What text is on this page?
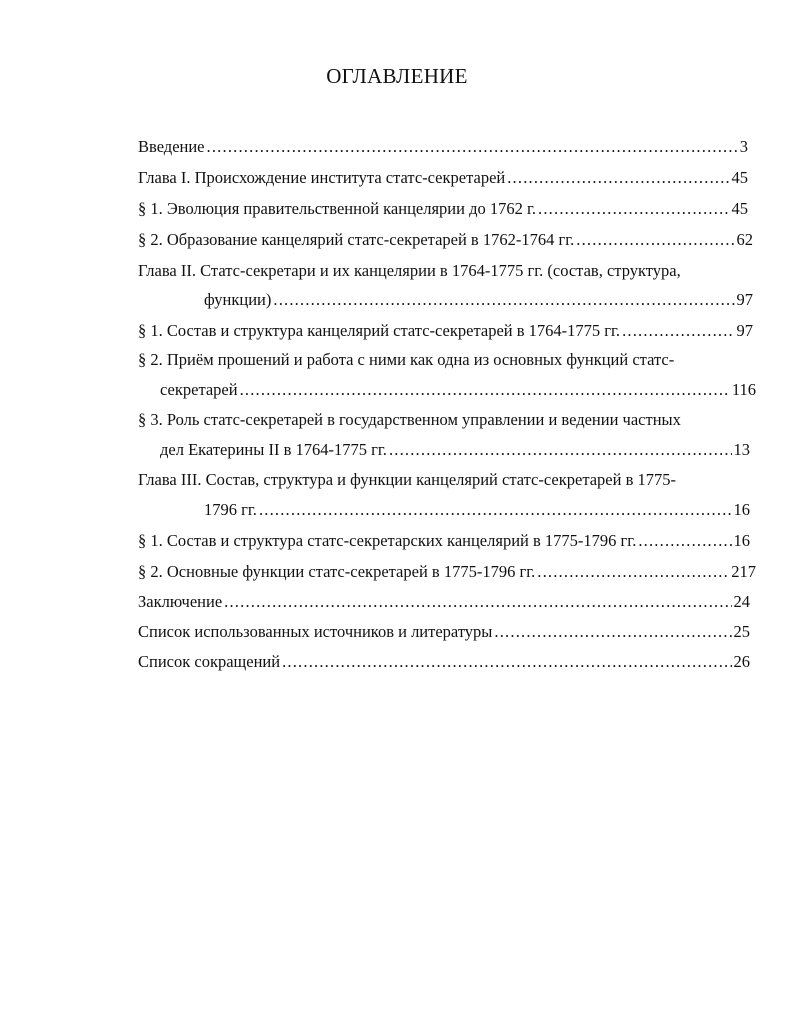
ОГЛАВЛЕНИЕ
Введение .....	3
Глава I. Происхождение института статс-секретарей .....	45
§ 1. Эволюция правительственной канцелярии до 1762 г. .....	45
§ 2. Образование канцелярий статс-секретарей в 1762-1764 гг. .....	62
Глава II. Статс-секретари и их канцелярии в 1764-1775 гг. (состав, структура,
функции) .....	97
§ 1. Состав и структура канцелярий статс-секретарей в 1764-1775 гг. .....	97
§ 2. Приём прошений и работа с ними как одна из основных функций статс-
секретарей .....	116
§ 3. Роль статс-секретарей в государственном управлении и ведении частных
дел Екатерины II в 1764-1775 гг. .....	13
Глава III. Состав, структура и функции канцелярий статс-секретарей в 1775-
1796 гг. .....	16
§ 1. Состав и структура статс-секретарских канцелярий в 1775-1796 гг. .....	16
§ 2. Основные функции статс-секретарей в 1775-1796 гг. .....	217
Заключение .....	24
Список использованных источников и литературы .....	25
Список сокращений .....	26
